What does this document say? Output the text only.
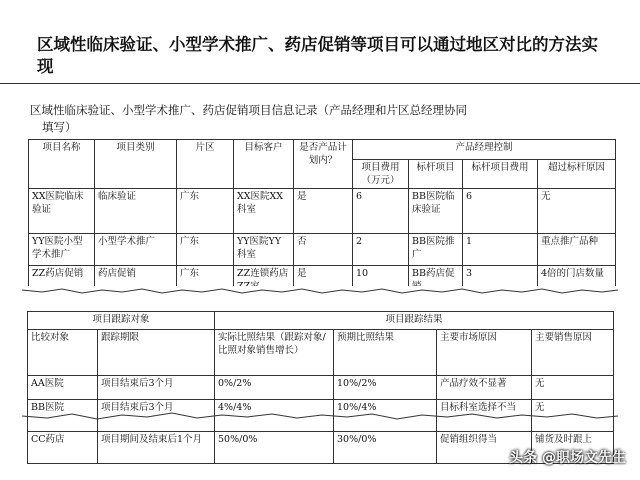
区域性临床验证、小型学术推广、药店促销等项目可以通过地区对比的方法实现
区域性临床验证、小型学术推广、药店促销项目信息记录（产品经理和片区总经理协同
填写）
项目名称	项目类别	片区	目标客户	是否产品计划内？	产品经理控制			
					项目费用（万元）	标杆项目	标杆项目费用	超过标杆原因
XX医院临床验证	临床验证	广东	XX医院XX科室	是	6	BB医院临床验证	6	无
YY医院小型学术推广	小型学术推广	广东	YY医院YY科室	否	2	BB医院推广	1	重点推广品种
ZZ药店促销	药店促销	广东	ZZ连锁药店	是	10	BB药店促	3	4倍的门店数量
项目跟踪对象		项目跟踪结果			
比较对象	跟踪期限	实际比照结果（跟踪对象/比照对象销售增长）	预期比照结果	主要市场原因	主要销售原因
AA医院	项目结束后3个月	0%/2%	10%/2%	产品疗效不显著	无
BB医院	项目结束后3个月	4%/4%	10%/4%	目标科室选择不当	无
CC药店	项目期间及结束后1个月	50%/0%	30%/0%	促销组织得当	铺货及时跟上
头条 @职场文先生
